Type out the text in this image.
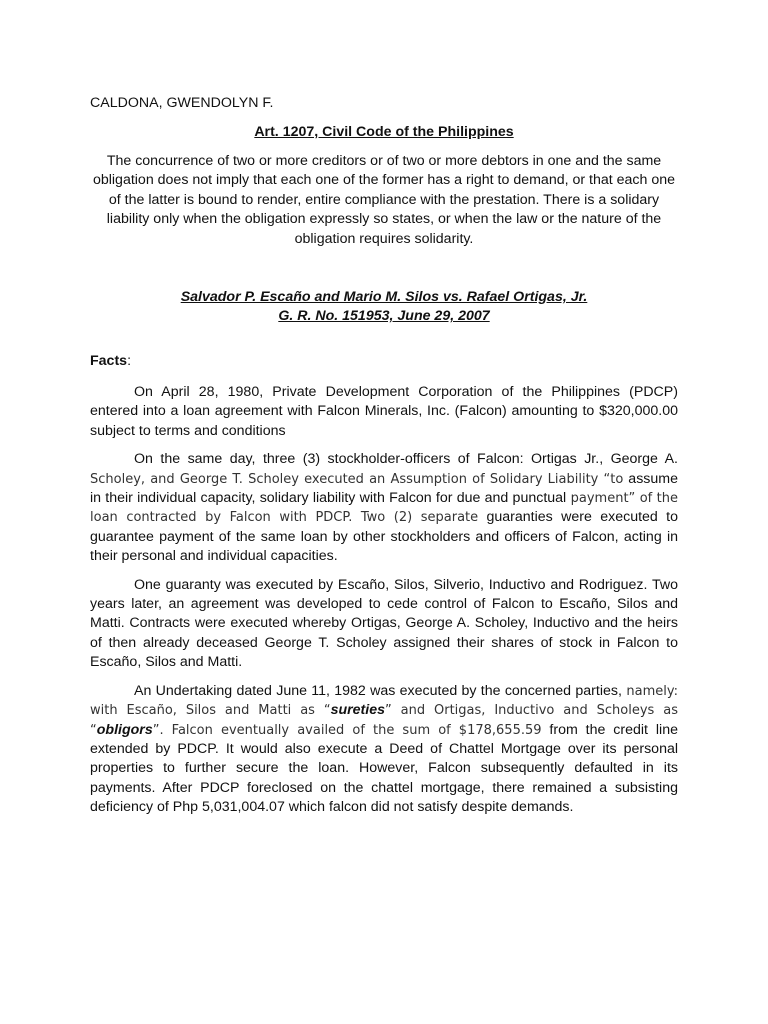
CALDONA, GWENDOLYN F.

Art. 1207, Civil Code of the Philippines

The concurrence of two or more creditors or of two or more debtors in one and the same obligation does not imply that each one of the former has a right to demand, or that each one of the latter is bound to render, entire compliance with the prestation. There is a solidary liability only when the obligation expressly so states, or when the law or the nature of the obligation requires solidarity.

Salvador P. Escaño and Mario M. Silos vs. Rafael Ortigas, Jr.
G. R. No. 151953, June 29, 2007

Facts:

On April 28, 1980, Private Development Corporation of the Philippines (PDCP) entered into a loan agreement with Falcon Minerals, Inc. (Falcon) amounting to $320,000.00 subject to terms and conditions

On the same day, three (3) stockholder-officers of Falcon: Ortigas Jr., George A. Scholey, and George T. Scholey executed an Assumption of Solidary Liability “to assume in their individual capacity, solidary liability with Falcon for due and punctual payment” of the loan contracted by Falcon with PDCP. Two (2) separate guaranties were executed to guarantee payment of the same loan by other stockholders and officers of Falcon, acting in their personal and individual capacities.

One guaranty was executed by Escaño, Silos, Silverio, Inductivo and Rodriguez. Two years later, an agreement was developed to cede control of Falcon to Escaño, Silos and Matti. Contracts were executed whereby Ortigas, George A. Scholey, Inductivo and the heirs of then already deceased George T. Scholey assigned their shares of stock in Falcon to Escaño, Silos and Matti.

An Undertaking dated June 11, 1982 was executed by the concerned parties, namely: with Escaño, Silos and Matti as “sureties” and Ortigas, Inductivo and Scholeys as “obligors”. Falcon eventually availed of the sum of $178,655.59 from the credit line extended by PDCP. It would also execute a Deed of Chattel Mortgage over its personal properties to further secure the loan. However, Falcon subsequently defaulted in its payments. After PDCP foreclosed on the chattel mortgage, there remained a subsisting deficiency of Php 5,031,004.07 which falcon did not satisfy despite demands.
